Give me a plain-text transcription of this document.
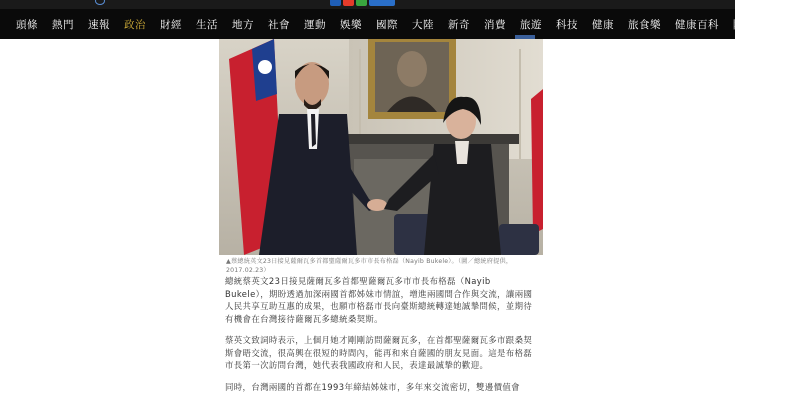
頭條 熱門 速報 政治 財經 生活 地方 社會 運動 娛樂 國際 大陸 新奇 消費 旅遊 科技 健康 旅食樂 健康百科 附近的人在看
▲蔡總統英文23日接見薩爾瓦多首都聖薩爾瓦多市市長布格磊（Nayib Bukele）。（圖／總統府提供，2017.02.23）

總統蔡英文23日接見薩爾瓦多首都聖薩爾瓦多市市長布格磊（Nayib Bukele），期盼透過加深兩國首都姊妹市情誼，增進兩國間合作與交流，讓兩國人民共享互助互惠的成果，也願市格磊市長向臺斯總統轉達她誠摯問候，並期待有機會在台灣接待薩爾瓦多總統桑契斯。

蔡英文致詞時表示，上個月她才剛剛訪問薩爾瓦多，在首都聖薩爾瓦多市跟桑契斯會晤交流，很高興在很短的時間內，能再和來自薩國的朋友見面。這是布格磊市長第一次訪問台灣，她代表我國政府和人民，表達最誠摯的歡迎。

同時，台灣兩國的首都在1993年締結姊妹市，多年來交流密切，雙邊價值會
